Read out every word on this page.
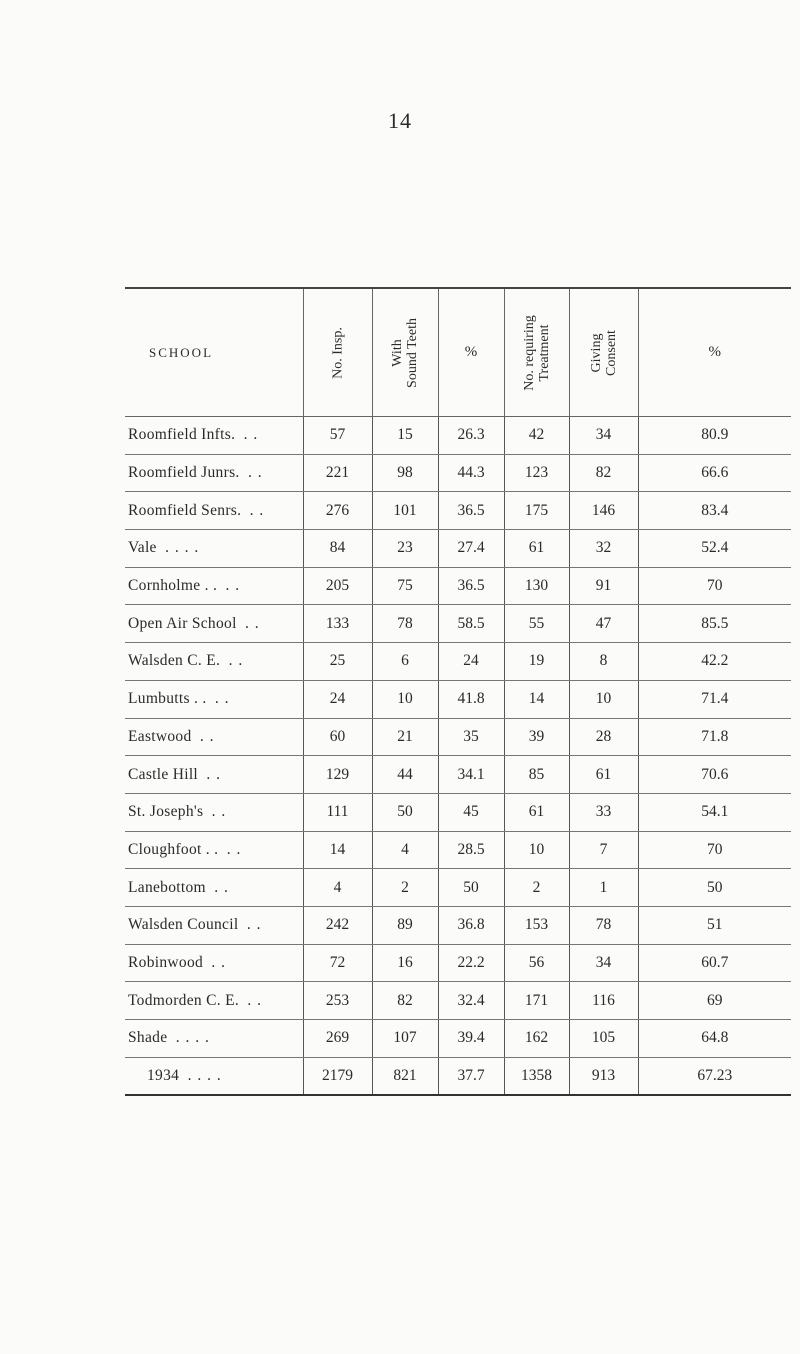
14
SCHOOL	No. Insp.	With Sound Teeth	%	No. requiring Treatment	Giving Consent	%
Roomfield Infts. . .	57	15	26.3	42	34	80.9
Roomfield Junrs. . .	221	98	44.3	123	82	66.6
Roomfield Senrs. . .	276	101	36.5	175	146	83.4
Vale . . . .	84	23	27.4	61	32	52.4
Cornholme . . . .	205	75	36.5	130	91	70
Open Air School . .	133	78	58.5	55	47	85.5
Walsden C. E. . .	25	6	24	19	8	42.2
Lumbutts . . . .	24	10	41.8	14	10	71.4
Eastwood . .	60	21	35	39	28	71.8
Castle Hill . .	129	44	34.1	85	61	70.6
St. Joseph's . .	111	50	45	61	33	54.1
Cloughfoot . . . .	14	4	28.5	10	7	70
Lanebottom . .	4	2	50	2	1	50
Walsden Council . .	242	89	36.8	153	78	51
Robinwood . .	72	16	22.2	56	34	60.7
Todmorden C. E. . .	253	82	32.4	171	116	69
Shade . . . .	269	107	39.4	162	105	64.8
1934 . . . .	2179	821	37.7	1358	913	67.23
